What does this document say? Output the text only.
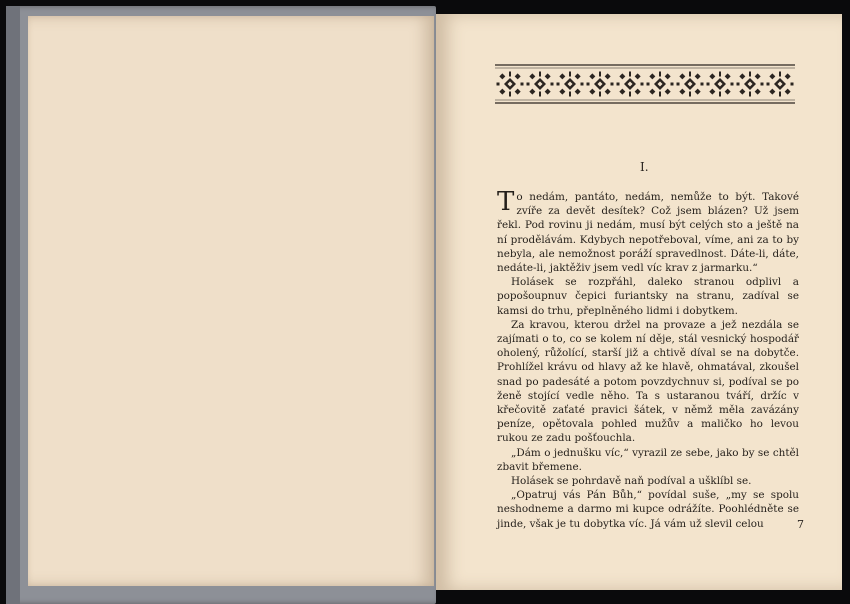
I.

To nedám, pantáto, nedám, nemůže to být. Takové zvíře za devět desítek? Což jsem blázen? Už jsem řekl. Pod rovinu ji nedám, musí být celých sto a ještě na ní prodělávám. Kdybych nepotřeboval, víme, ani za to by nebyla, ale nemožnost poráží spravedlnost. Dáte-li, dáte, nedáte-li, jaktěživ jsem vedl víc krav z jarmarku.“

Holásek se rozpřáhl, daleko stranou odplivl a popošoupnuv čepici furiantsky na stranu, zadíval se kamsi do trhu, přeplněného lidmi i dobytkem.

Za kravou, kterou držel na provaze a jež nezdála se zajímati o to, co se kolem ní děje, stál vesnický hospodář oholený, růžolící, starší již a chtivě díval se na dobytče. Prohlížel krávu od hlavy až ke hlavě, ohmatával, zkoušel snad po padesáté a potom povzdychnuv si, podíval se po ženě stojící vedle něho. Ta s ustaranou tváří, držíc v křečovitě zaťaté pravici šátek, v němž měla zavázány peníze, opětovala pohled mužův a maličko ho levou rukou ze zadu pošťouchla.

„Dám o jednušku víc,“ vyrazil ze sebe, jako by se chtěl zbavit břemene.

Holásek se pohrdavě naň podíval a ušklíbl se.

„Opatruj vás Pán Bůh,“ povídal suše, „my se spolu neshodneme a darmo mi kupce odrážíte. Poohlédněte se jinde, však je tu dobytka víc. Já vám už slevil celou	7
